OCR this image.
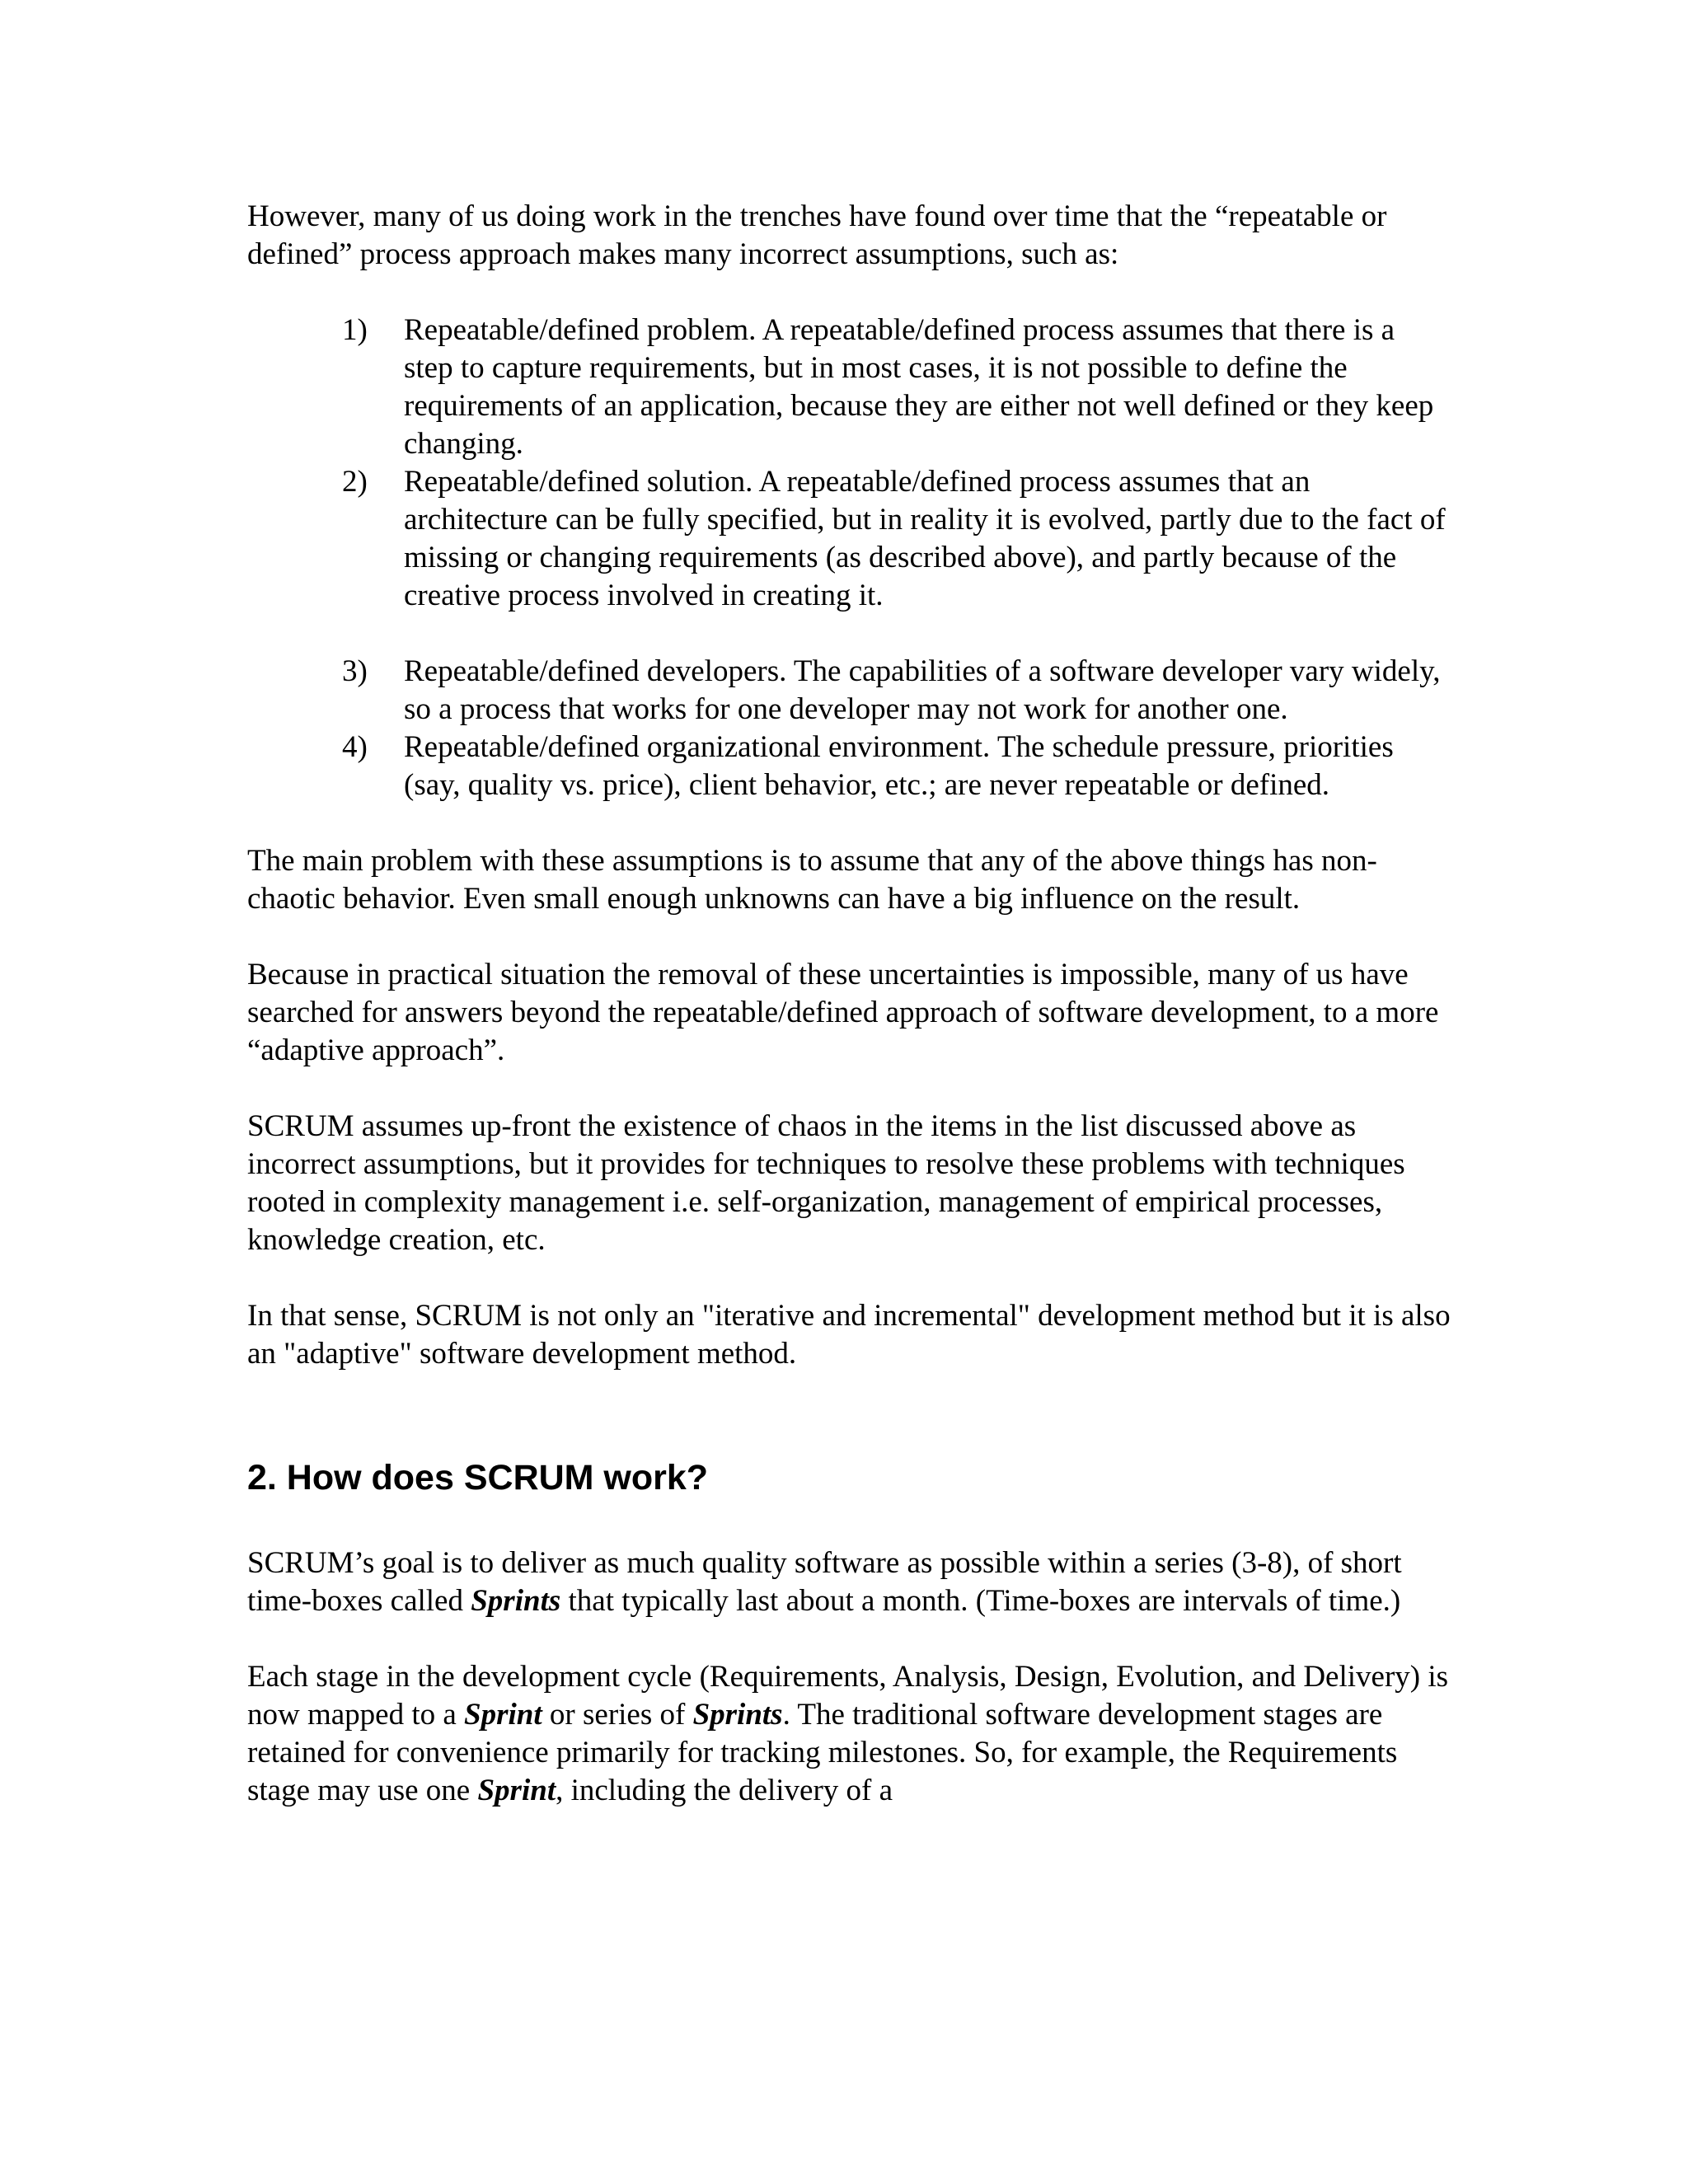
However, many of us doing work in the trenches have found over time that the “repeatable or defined” process approach makes many incorrect assumptions, such as:

1) Repeatable/defined problem. A repeatable/defined process assumes that there is a step to capture requirements, but in most cases, it is not possible to define the requirements of an application, because they are either not well defined or they keep changing.
2) Repeatable/defined solution. A repeatable/defined process assumes that an architecture can be fully specified, but in reality it is evolved, partly due to the fact of missing or changing requirements (as described above), and partly because of the creative process involved in creating it.
3) Repeatable/defined developers. The capabilities of a software developer vary widely, so a process that works for one developer may not work for another one.
4) Repeatable/defined organizational environment. The schedule pressure, priorities (say, quality vs. price), client behavior, etc.; are never repeatable or defined.

The main problem with these assumptions is to assume that any of the above things has non-chaotic behavior. Even small enough unknowns can have a big influence on the result.

Because in practical situation the removal of these uncertainties is impossible, many of us have searched for answers beyond the repeatable/defined approach of software development, to a more “adaptive approach”.

SCRUM assumes up-front the existence of chaos in the items in the list discussed above as incorrect assumptions, but it provides for techniques to resolve these problems with techniques rooted in complexity management i.e. self-organization, management of empirical processes, knowledge creation, etc.

In that sense, SCRUM is not only an "iterative and incremental" development method but it is also an "adaptive" software development method.

2. How does SCRUM work?

SCRUM’s goal is to deliver as much quality software as possible within a series (3-8), of short time-boxes called Sprints that typically last about a month. (Time-boxes are intervals of time.)

Each stage in the development cycle (Requirements, Analysis, Design, Evolution, and Delivery) is now mapped to a Sprint or series of Sprints. The traditional software development stages are retained for convenience primarily for tracking milestones. So, for example, the Requirements stage may use one Sprint, including the delivery of a
